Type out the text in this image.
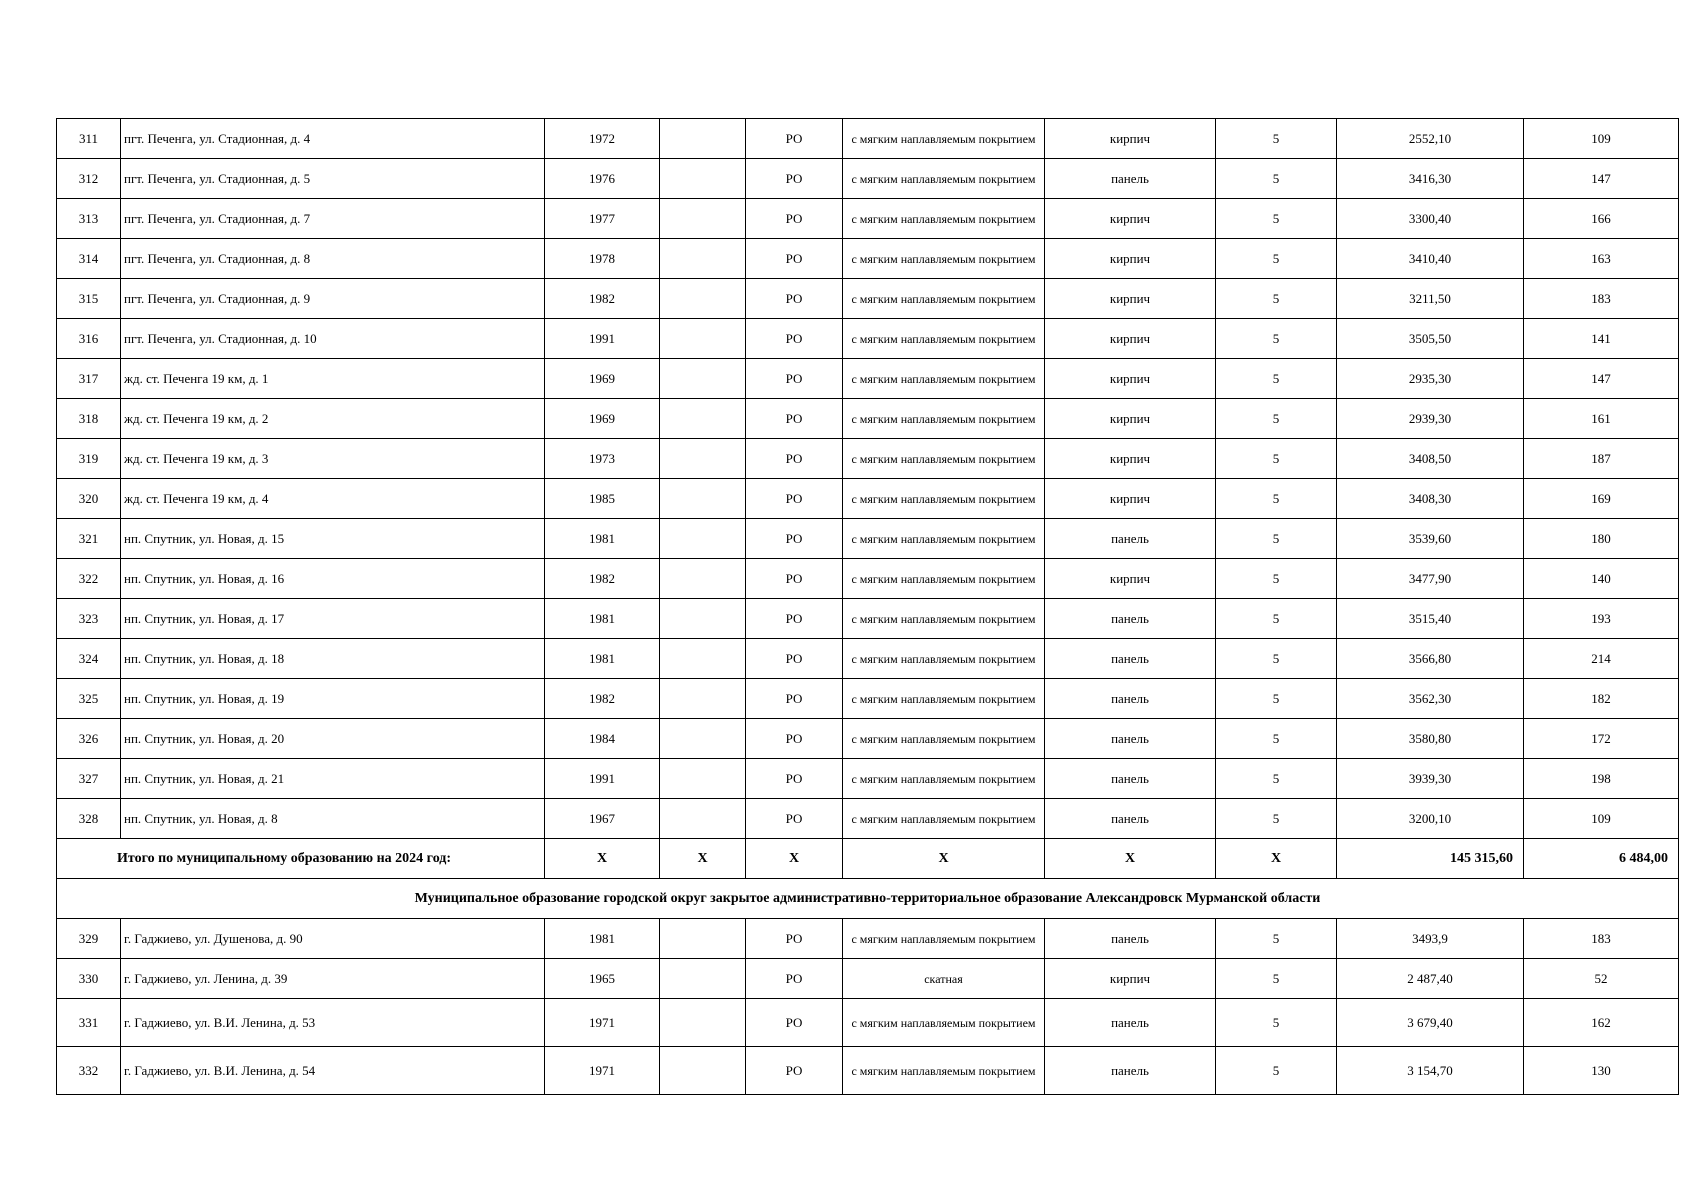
311	пгт. Печенга, ул. Стадионная, д. 4	1972		РО	с мягким наплавляемым покрытием	кирпич	5	2552,10	109
312	пгт. Печенга, ул. Стадионная, д. 5	1976		РО	с мягким наплавляемым покрытием	панель	5	3416,30	147
313	пгт. Печенга, ул. Стадионная, д. 7	1977		РО	с мягким наплавляемым покрытием	кирпич	5	3300,40	166
314	пгт. Печенга, ул. Стадионная, д. 8	1978		РО	с мягким наплавляемым покрытием	кирпич	5	3410,40	163
315	пгт. Печенга, ул. Стадионная, д. 9	1982		РО	с мягким наплавляемым покрытием	кирпич	5	3211,50	183
316	пгт. Печенга, ул. Стадионная, д. 10	1991		РО	с мягким наплавляемым покрытием	кирпич	5	3505,50	141
317	жд. ст. Печенга 19 км, д. 1	1969		РО	с мягким наплавляемым покрытием	кирпич	5	2935,30	147
318	жд. ст. Печенга 19 км, д. 2	1969		РО	с мягким наплавляемым покрытием	кирпич	5	2939,30	161
319	жд. ст. Печенга 19 км, д. 3	1973		РО	с мягким наплавляемым покрытием	кирпич	5	3408,50	187
320	жд. ст. Печенга 19 км, д. 4	1985		РО	с мягким наплавляемым покрытием	кирпич	5	3408,30	169
321	нп. Спутник, ул. Новая, д. 15	1981		РО	с мягким наплавляемым покрытием	панель	5	3539,60	180
322	нп. Спутник, ул. Новая, д. 16	1982		РО	с мягким наплавляемым покрытием	кирпич	5	3477,90	140
323	нп. Спутник, ул. Новая, д. 17	1981		РО	с мягким наплавляемым покрытием	панель	5	3515,40	193
324	нп. Спутник, ул. Новая, д. 18	1981		РО	с мягким наплавляемым покрытием	панель	5	3566,80	214
325	нп. Спутник, ул. Новая, д. 19	1982		РО	с мягким наплавляемым покрытием	панель	5	3562,30	182
326	нп. Спутник, ул. Новая, д. 20	1984		РО	с мягким наплавляемым покрытием	панель	5	3580,80	172
327	нп. Спутник, ул. Новая, д. 21	1991		РО	с мягким наплавляемым покрытием	панель	5	3939,30	198
328	нп. Спутник, ул. Новая, д. 8	1967		РО	с мягким наплавляемым покрытием	панель	5	3200,10	109
Итого по муниципальному образованию на 2024 год:		X	X	X	X	X	X	145 315,60	6 484,00
Муниципальное образование городской округ закрытое административно-территориальное образование Александровск Мурманской области									
329	г. Гаджиево, ул. Душенова, д. 90	1981		РО	с мягким наплавляемым покрытием	панель	5	3493,9	183
330	г. Гаджиево, ул. Ленина, д. 39	1965		РО	скатная	кирпич	5	2 487,40	52
331	г. Гаджиево, ул. В.И. Ленина, д. 53	1971		РО	с мягким наплавляемым покрытием	панель	5	3 679,40	162
332	г. Гаджиево, ул. В.И. Ленина, д. 54	1971		РО	с мягким наплавляемым покрытием	панель	5	3 154,70	130
